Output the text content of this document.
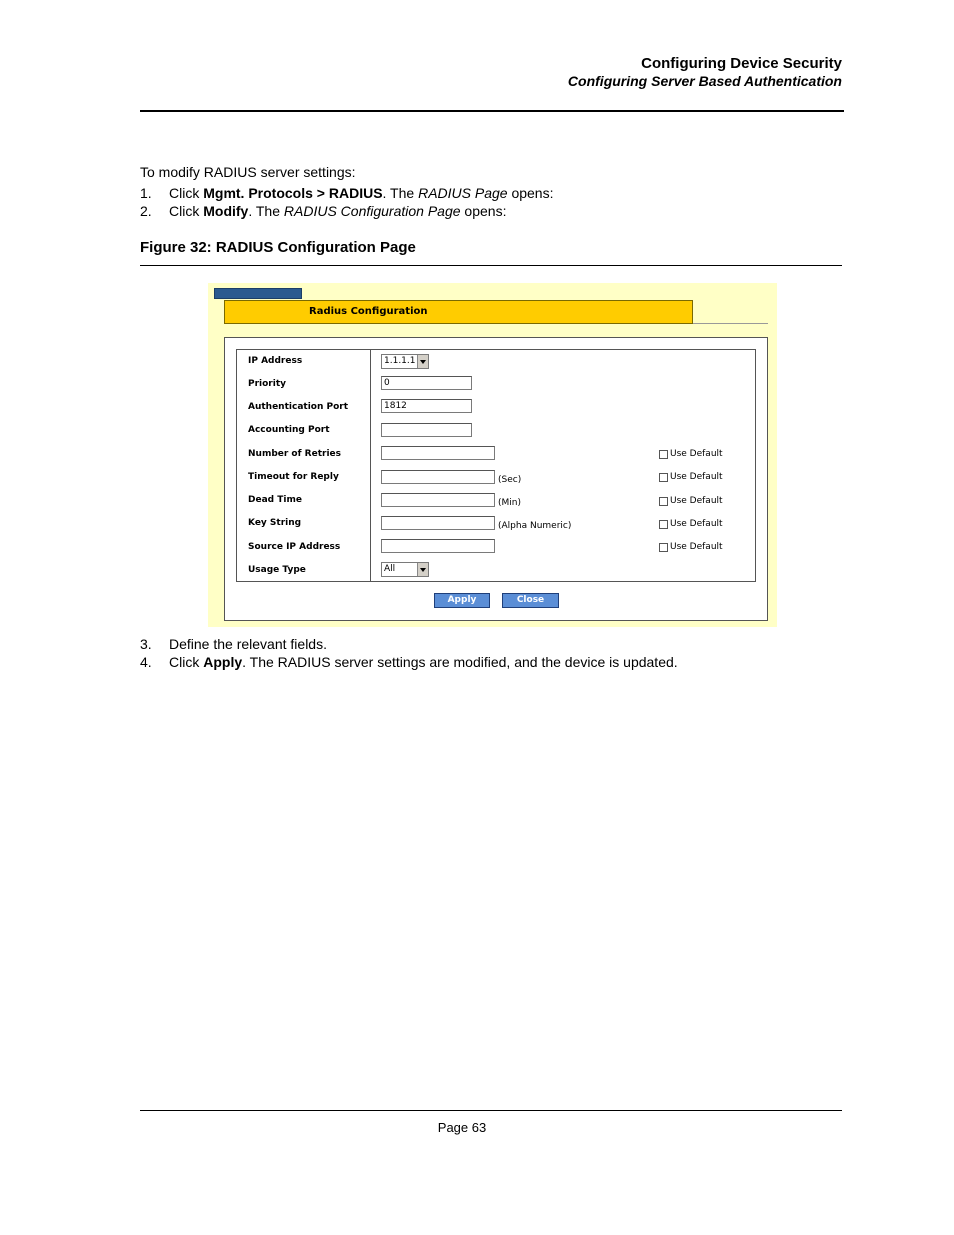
Configuring Device Security
Configuring Server Based Authentication
To modify RADIUS server settings:
1. Click Mgmt. Protocols > RADIUS. The RADIUS Page opens:
2. Click Modify. The RADIUS Configuration Page opens:
Figure 32: RADIUS Configuration Page
Radius Configuration
IP Address
Priority
Authentication Port
Accounting Port
Number of Retries
Timeout for Reply
Dead Time
Key String
Source IP Address
Usage Type
1.1.1.1
0
1812
All
(Sec)
(Min)
(Alpha Numeric)
Use Default
Use Default
Use Default
Use Default
Use Default
Apply	Close
3. Define the relevant fields.
4. Click Apply. The RADIUS server settings are modified, and the device is updated.
Page 63
